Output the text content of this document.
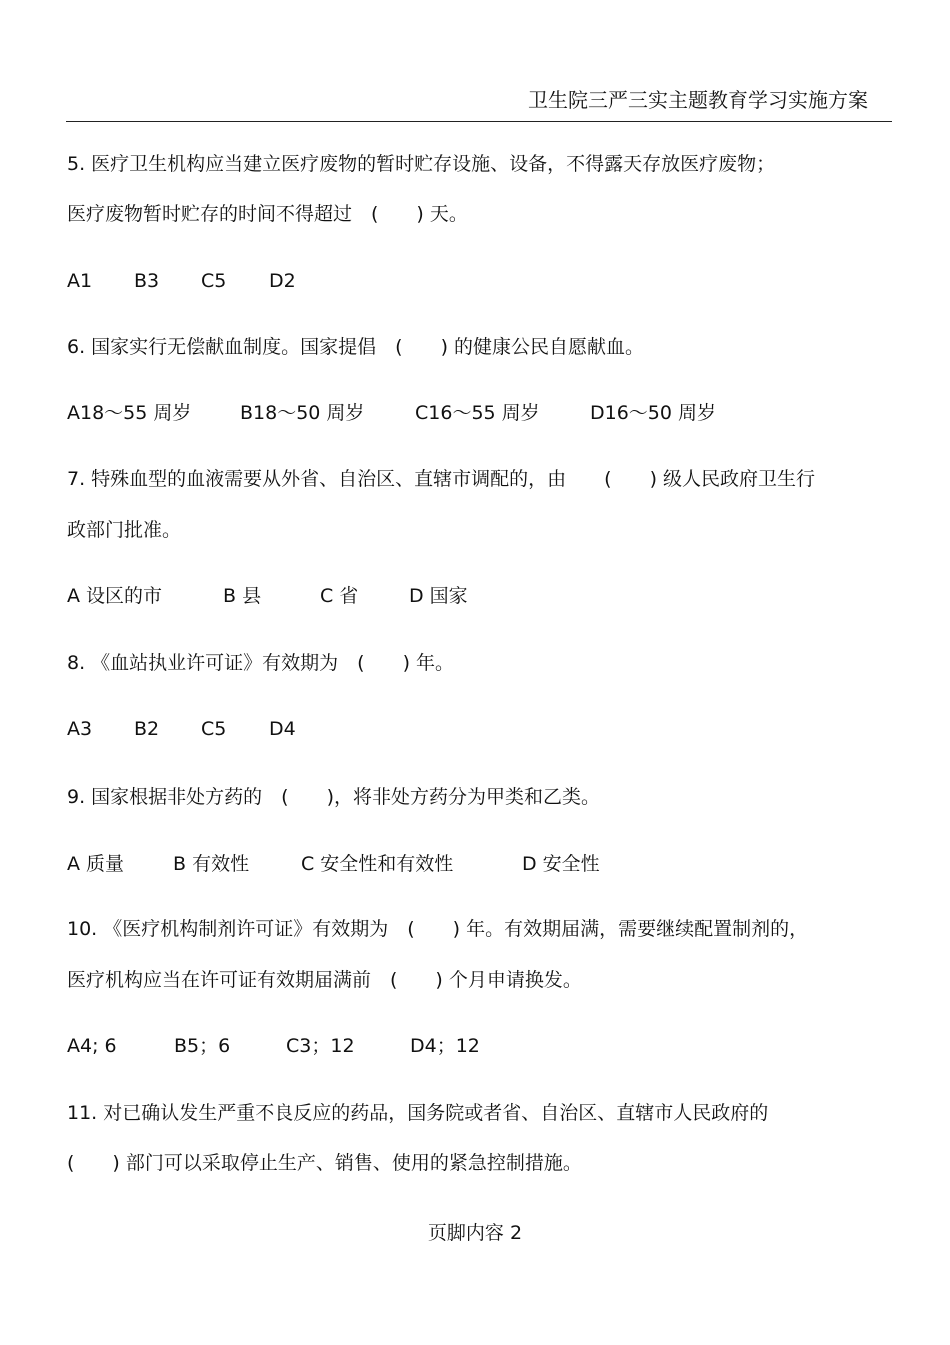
卫生院三严三实主题教育学习实施方案
5. 医疗卫生机构应当建立医疗废物的暂时贮存设施、设备，不得露天存放医疗废物；
医疗废物暂时贮存的时间不得超过　(　　) 天。
A1 B3 C5 D2
6. 国家实行无偿献血制度。国家提倡　(　　) 的健康公民自愿献血。
A18～55 周岁	B18～50 周岁	C16～55 周岁	D16～50 周岁
7. 特殊血型的血液需要从外省、自治区、直辖市调配的，由　　(　　) 级人民政府卫生行
政部门批准。
A 设区的市	B 县	C 省	D 国家
8. 《血站执业许可证》有效期为　(　　) 年。
A3 B2 C5 D4
9. 国家根据非处方药的　(　　)，将非处方药分为甲类和乙类。
A 质量	B 有效性	C 安全性和有效性	D 安全性
10. 《医疗机构制剂许可证》有效期为　(　　) 年。有效期届满，需要继续配置制剂的，
医疗机构应当在许可证有效期届满前　(　　) 个月申请换发。
A4; 6	B5；6	C3；12	D4；12
11. 对已确认发生严重不良反应的药品，国务院或者省、自治区、直辖市人民政府的
(　　) 部门可以采取停止生产、销售、使用的紧急控制措施。
页脚内容 2
